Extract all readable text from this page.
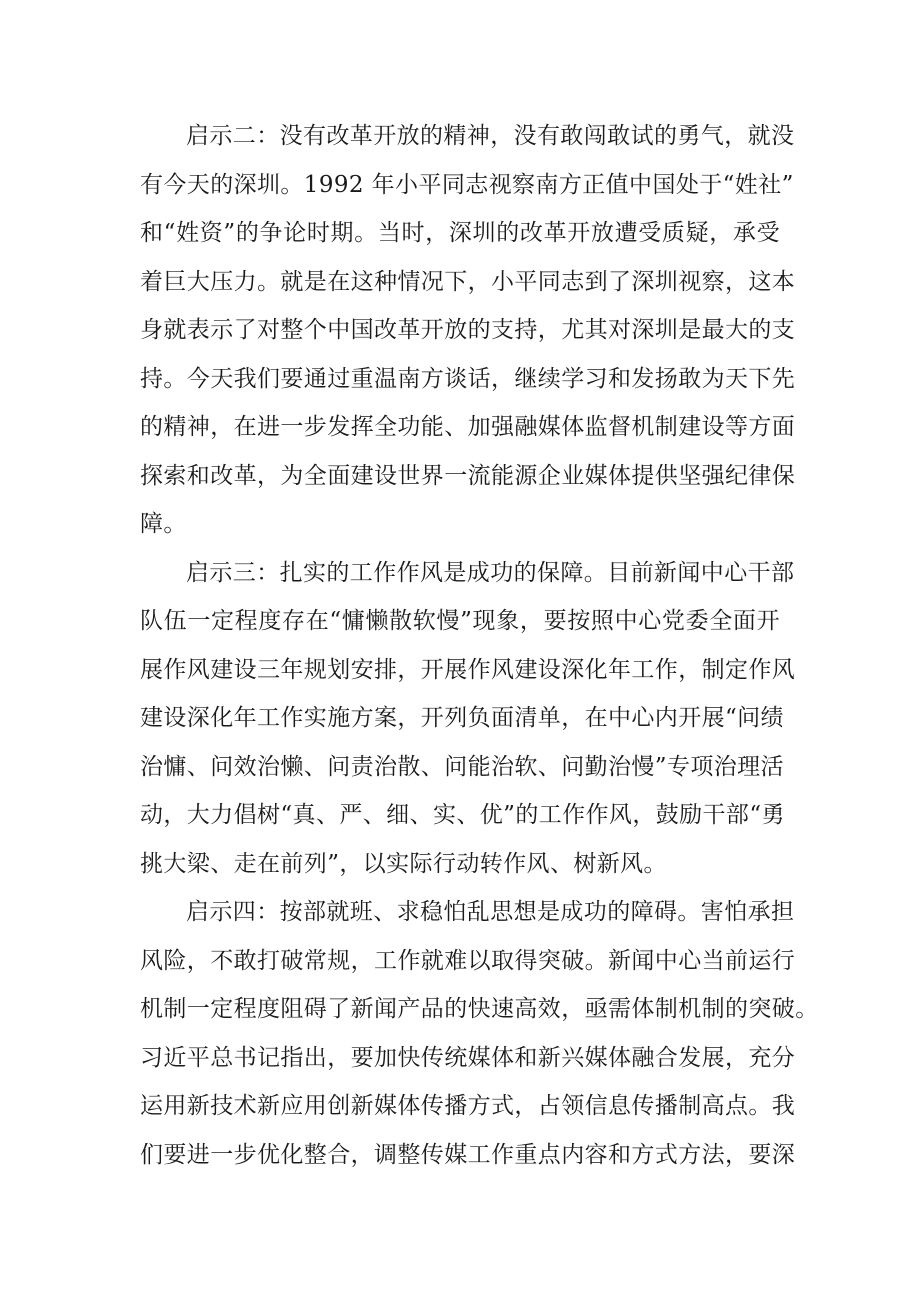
启示二：没有改革开放的精神，没有敢闯敢试的勇气，就没
有今天的深圳。1992 年小平同志视察南方正值中国处于“姓社”
和“姓资”的争论时期。当时，深圳的改革开放遭受质疑，承受
着巨大压力。就是在这种情况下，小平同志到了深圳视察，这本
身就表示了对整个中国改革开放的支持，尤其对深圳是最大的支
持。今天我们要通过重温南方谈话，继续学习和发扬敢为天下先
的精神，在进一步发挥全功能、加强融媒体监督机制建设等方面
探索和改革，为全面建设世界一流能源企业媒体提供坚强纪律保
障。
启示三：扎实的工作作风是成功的保障。目前新闻中心干部
队伍一定程度存在“慵懒散软慢”现象，要按照中心党委全面开
展作风建设三年规划安排，开展作风建设深化年工作，制定作风
建设深化年工作实施方案，开列负面清单，在中心内开展“问绩
治慵、问效治懒、问责治散、问能治软、问勤治慢”专项治理活
动，大力倡树“真、严、细、实、优”的工作作风，鼓励干部“勇
挑大梁、走在前列”，以实际行动转作风、树新风。
启示四：按部就班、求稳怕乱思想是成功的障碍。害怕承担
风险，不敢打破常规，工作就难以取得突破。新闻中心当前运行
机制一定程度阻碍了新闻产品的快速高效，亟需体制机制的突破。
习近平总书记指出，要加快传统媒体和新兴媒体融合发展，充分
运用新技术新应用创新媒体传播方式，占领信息传播制高点。我
们要进一步优化整合，调整传媒工作重点内容和方式方法，要深
